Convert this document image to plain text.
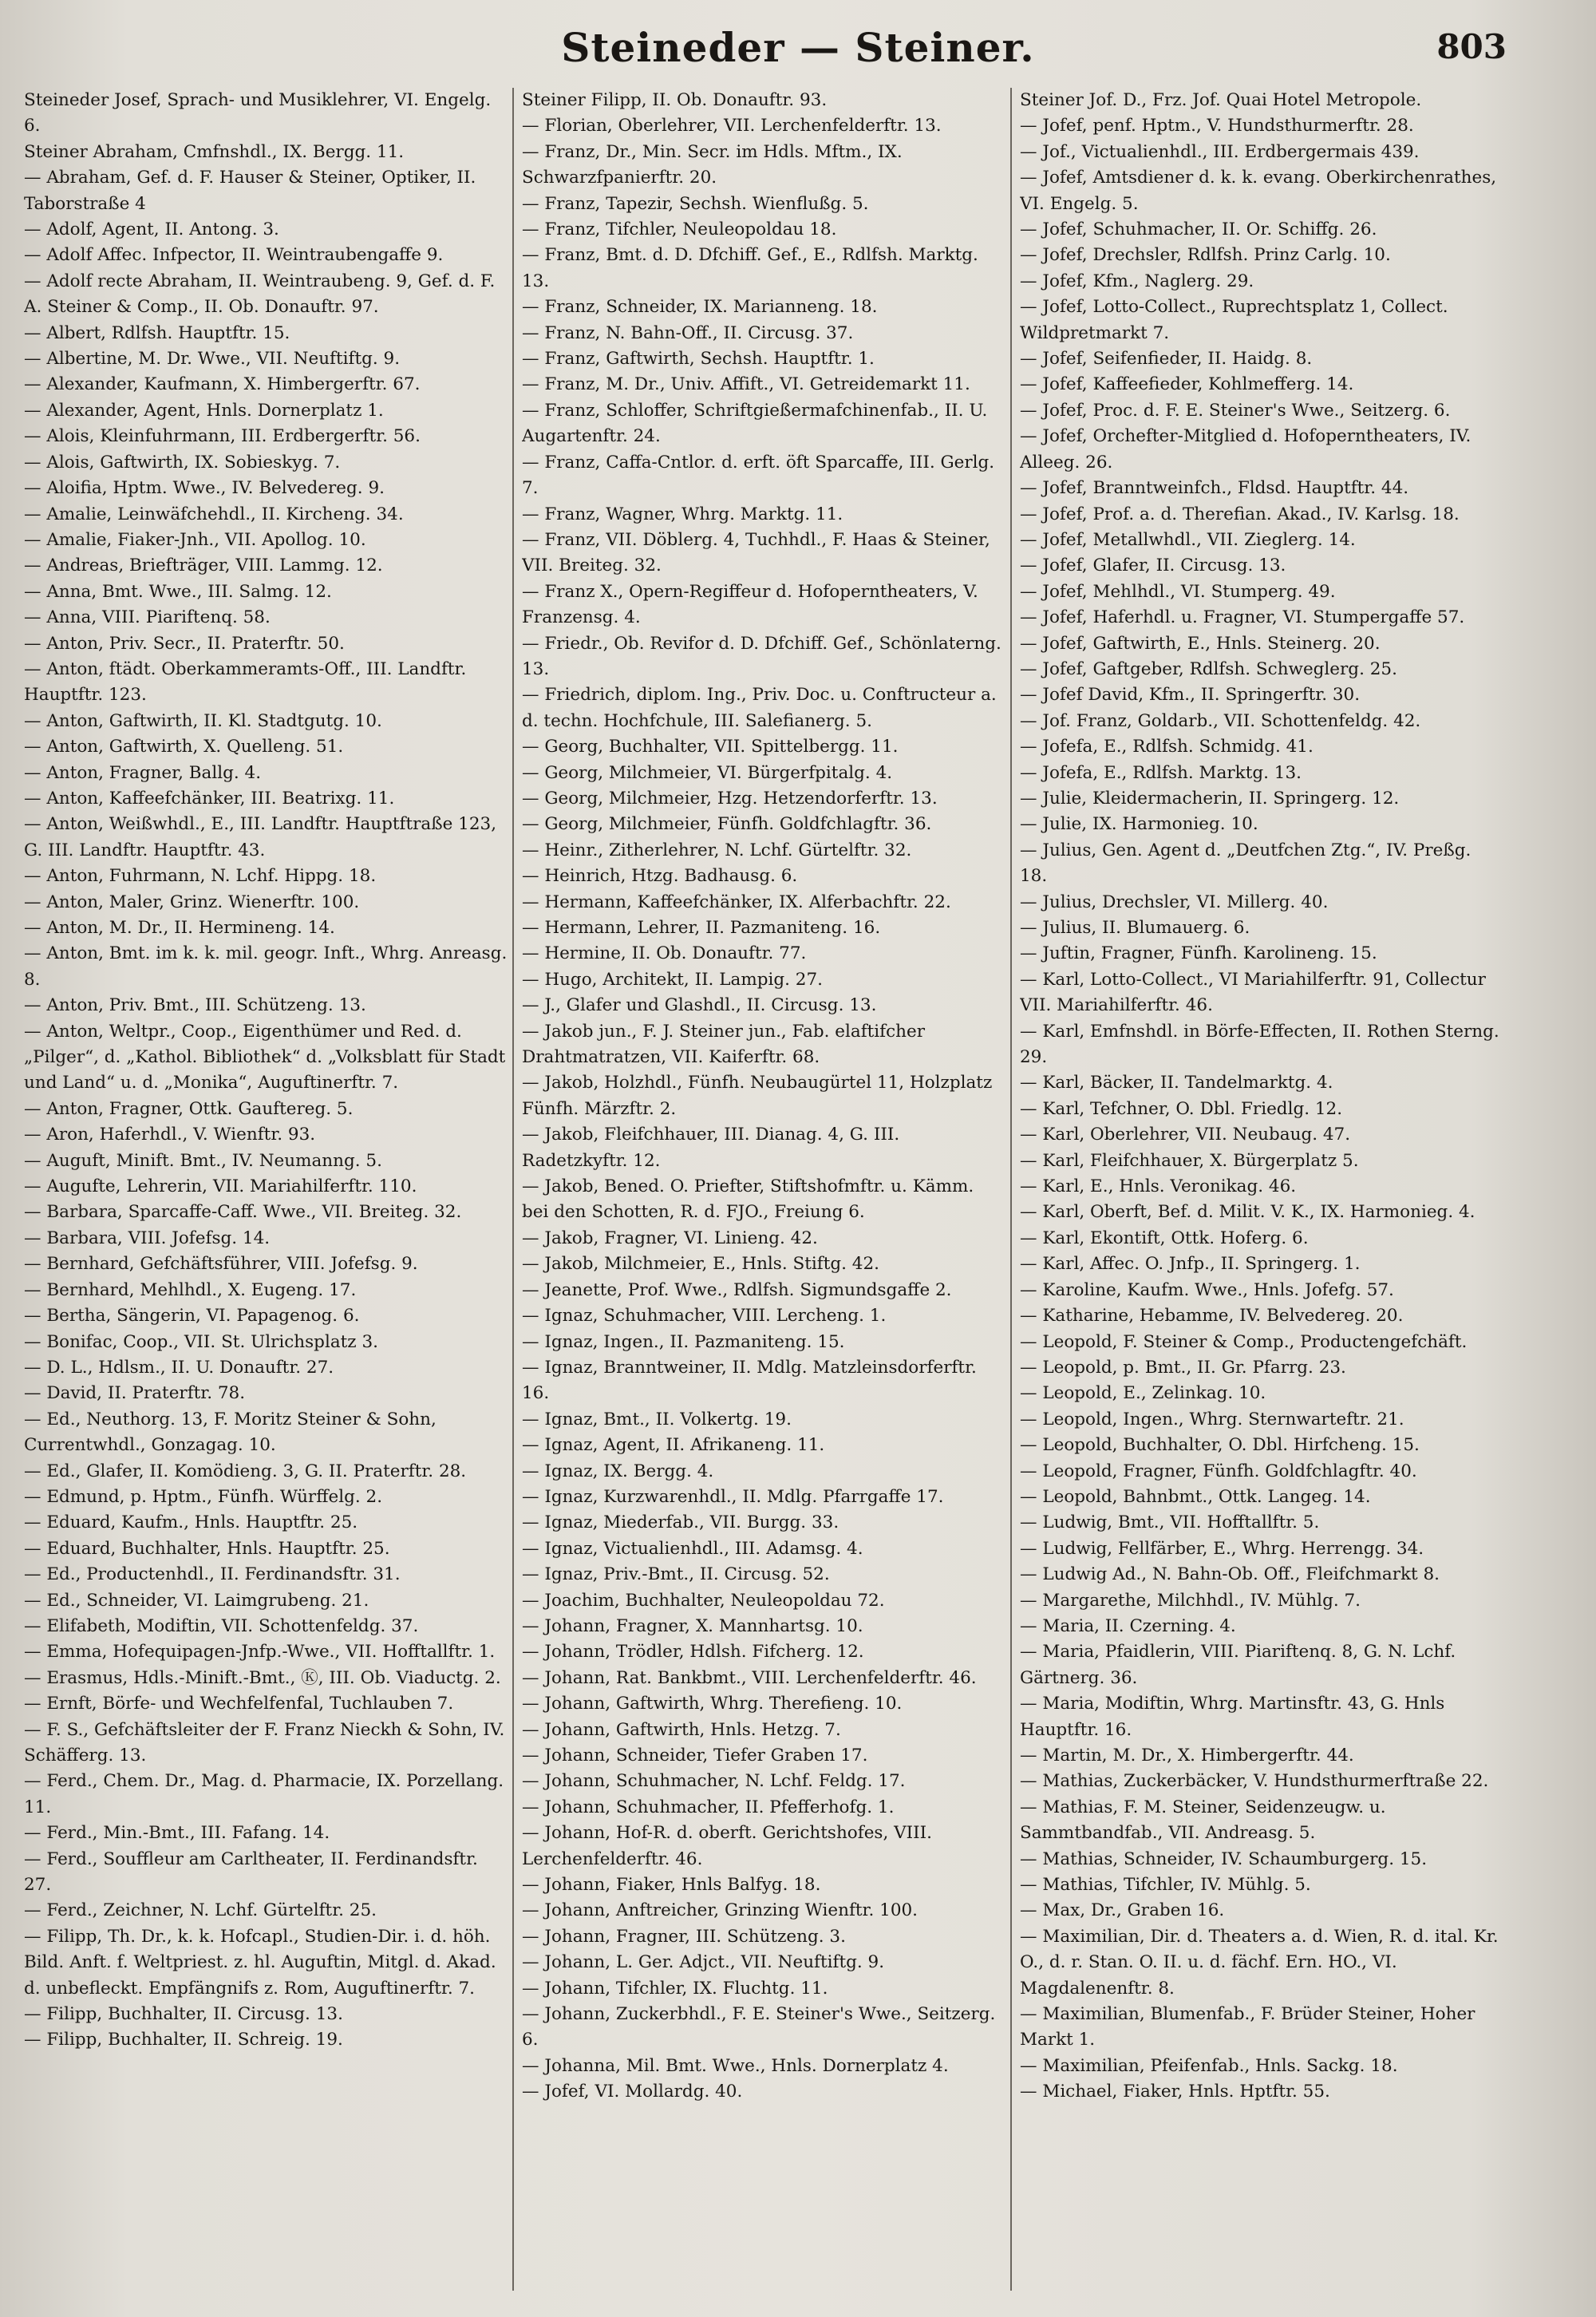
Steineder — Steiner.	803
Steineder Josef, Sprach- und Musiklehrer, VI. Engelg. 6.
Steiner Abraham, Cmfnshdl., IX. Bergg. 11.
— Abraham, Gef. d. F. Hauser & Steiner, Optiker, II. Taborstraße 4
— Adolf, Agent, II. Antong. 3.
— Adolf Affec. Infpector, II. Weintraubengaffe 9.
— Adolf recte Abraham, II. Weintraubeng. 9, Gef. d. F. A. Steiner & Comp., II. Ob. Donauftr. 97.
— Albert, Rdlfsh. Hauptftr. 15.
— Albertine, M. Dr. Wwe., VII. Neuftiftg. 9.
— Alexander, Kaufmann, X. Himbergerftr. 67.
— Alexander, Agent, Hnls. Dornerplatz 1.
— Alois, Kleinfuhrmann, III. Erdbergerftr. 56.
— Alois, Gaftwirth, IX. Sobieskyg. 7.
— Aloifia, Hptm. Wwe., IV. Belvedereg. 9.
— Amalie, Leinwäfchehdl., II. Kircheng. 34.
— Amalie, Fiaker-Jnh., VII. Apollog. 10.
— Andreas, Briefträger, VIII. Lammg. 12.
— Anna, Bmt. Wwe., III. Salmg. 12.
— Anna, VIII. Piariftenq. 58.
— Anton, Priv. Secr., II. Praterftr. 50.
— Anton, ftädt. Oberkammeramts-Off., III. Landftr. Hauptftr. 123.
— Anton, Gaftwirth, II. Kl. Stadtgutg. 10.
— Anton, Gaftwirth, X. Quelleng. 51.
— Anton, Fragner, Ballg. 4.
— Anton, Kaffeefchänker, III. Beatrixg. 11.
— Anton, Weißwhdl., E., III. Landftr. Hauptftraße 123, G. III. Landftr. Hauptftr. 43.
— Anton, Fuhrmann, N. Lchf. Hippg. 18.
— Anton, Maler, Grinz. Wienerftr. 100.
— Anton, M. Dr., II. Hermineng. 14.
— Anton, Bmt. im k. k. mil. geogr. Inft., Whrg. Anreasg. 8.
— Anton, Priv. Bmt., III. Schützeng. 13.
— Anton, Weltpr., Coop., Eigenthümer und Red. d. „Pilger“, d. „Kathol. Bibliothek“ d. „Volksblatt für Stadt und Land“ u. d. „Monika“, Auguftinerftr. 7.
— Anton, Fragner, Ottk. Gauftereg. 5.
— Aron, Haferhdl., V. Wienftr. 93.
— Auguft, Minift. Bmt., IV. Neumanng. 5.
— Augufte, Lehrerin, VII. Mariahilferftr. 110.
— Barbara, Sparcaffe-Caff. Wwe., VII. Breiteg. 32.
— Barbara, VIII. Jofefsg. 14.
— Bernhard, Gefchäftsführer, VIII. Jofefsg. 9.
— Bernhard, Mehlhdl., X. Eugeng. 17.
— Bertha, Sängerin, VI. Papagenog. 6.
— Bonifac, Coop., VII. St. Ulrichsplatz 3.
— D. L., Hdlsm., II. U. Donauftr. 27.
— David, II. Praterftr. 78.
— Ed., Neuthorg. 13, F. Moritz Steiner & Sohn, Currentwhdl., Gonzagag. 10.
— Ed., Glafer, II. Komödieng. 3, G. II. Praterftr. 28.
— Edmund, p. Hptm., Fünfh. Würffelg. 2.
— Eduard, Kaufm., Hnls. Hauptftr. 25.
— Eduard, Buchhalter, Hnls. Hauptftr. 25.
— Ed., Productenhdl., II. Ferdinandsftr. 31.
— Ed., Schneider, VI. Laimgrubeng. 21.
— Elifabeth, Modiftin, VII. Schottenfeldg. 37.
— Emma, Hofequipagen-Jnfp.-Wwe., VII. Hofftallftr. 1.
— Erasmus, Hdls.-Minift.-Bmt., Ⓚ, III. Ob. Viaductg. 2.
— Ernft, Börfe- und Wechfelfenfal, Tuchlauben 7.
— F. S., Gefchäftsleiter der F. Franz Nieckh & Sohn, IV. Schäfferg. 13.
— Ferd., Chem. Dr., Mag. d. Pharmacie, IX. Porzellang. 11.
— Ferd., Min.-Bmt., III. Fafang. 14.
— Ferd., Souffleur am Carltheater, II. Ferdinandsftr. 27.
— Ferd., Zeichner, N. Lchf. Gürtelftr. 25.
— Filipp, Th. Dr., k. k. Hofcapl., Studien-Dir. i. d. höh. Bild. Anft. f. Weltpriest. z. hl. Auguftin, Mitgl. d. Akad. d. unbefleckt. Empfängnifs z. Rom, Auguftinerftr. 7.
— Filipp, Buchhalter, II. Circusg. 13.
— Filipp, Buchhalter, II. Schreig. 19.
Steiner Filipp, II. Ob. Donauftr. 93.
— Florian, Oberlehrer, VII. Lerchenfelderftr. 13.
— Franz, Dr., Min. Secr. im Hdls. Mftm., IX. Schwarzfpanierftr. 20.
— Franz, Tapezir, Sechsh. Wienflußg. 5.
— Franz, Tifchler, Neuleopoldau 18.
— Franz, Bmt. d. D. Dfchiff. Gef., E., Rdlfsh. Marktg. 13.
— Franz, Schneider, IX. Marianneng. 18.
— Franz, N. Bahn-Off., II. Circusg. 37.
— Franz, Gaftwirth, Sechsh. Hauptftr. 1.
— Franz, M. Dr., Univ. Affift., VI. Getreidemarkt 11.
— Franz, Schloffer, Schriftgießermafchinenfab., II. U. Augartenftr. 24.
— Franz, Caffa-Cntlor. d. erft. öft Sparcaffe, III. Gerlg. 7.
— Franz, Wagner, Whrg. Marktg. 11.
— Franz, VII. Döblerg. 4, Tuchhdl., F. Haas & Steiner, VII. Breiteg. 32.
— Franz X., Opern-Regiffeur d. Hofoperntheaters, V. Franzensg. 4.
— Friedr., Ob. Revifor d. D. Dfchiff. Gef., Schönlaterng. 13.
— Friedrich, diplom. Ing., Priv. Doc. u. Conftructeur a. d. techn. Hochfchule, III. Salefianerg. 5.
— Georg, Buchhalter, VII. Spittelbergg. 11.
— Georg, Milchmeier, VI. Bürgerfpitalg. 4.
— Georg, Milchmeier, Hzg. Hetzendorferftr. 13.
— Georg, Milchmeier, Fünfh. Goldfchlagftr. 36.
— Heinr., Zitherlehrer, N. Lchf. Gürtelftr. 32.
— Heinrich, Htzg. Badhausg. 6.
— Hermann, Kaffeefchänker, IX. Alferbachftr. 22.
— Hermann, Lehrer, II. Pazmaniteng. 16.
— Hermine, II. Ob. Donauftr. 77.
— Hugo, Architekt, II. Lampig. 27.
— J., Glafer und Glashdl., II. Circusg. 13.
— Jakob jun., F. J. Steiner jun., Fab. elaftifcher Drahtmatratzen, VII. Kaiferftr. 68.
— Jakob, Holzhdl., Fünfh. Neubaugürtel 11, Holzplatz Fünfh. Märzftr. 2.
— Jakob, Fleifchhauer, III. Dianag. 4, G. III. Radetzkyftr. 12.
— Jakob, Bened. O. Priefter, Stiftshofmftr. u. Kämm. bei den Schotten, R. d. FJO., Freiung 6.
— Jakob, Fragner, VI. Linieng. 42.
— Jakob, Milchmeier, E., Hnls. Stiftg. 42.
— Jeanette, Prof. Wwe., Rdlfsh. Sigmundsgaffe 2.
— Ignaz, Schuhmacher, VIII. Lercheng. 1.
— Ignaz, Ingen., II. Pazmaniteng. 15.
— Ignaz, Branntweiner, II. Mdlg. Matzleinsdorferftr. 16.
— Ignaz, Bmt., II. Volkertg. 19.
— Ignaz, Agent, II. Afrikaneng. 11.
— Ignaz, IX. Bergg. 4.
— Ignaz, Kurzwarenhdl., II. Mdlg. Pfarrgaffe 17.
— Ignaz, Miederfab., VII. Burgg. 33.
— Ignaz, Victualienhdl., III. Adamsg. 4.
— Ignaz, Priv.-Bmt., II. Circusg. 52.
— Joachim, Buchhalter, Neuleopoldau 72.
— Johann, Fragner, X. Mannhartsg. 10.
— Johann, Trödler, Hdlsh. Fifcherg. 12.
— Johann, Rat. Bankbmt., VIII. Lerchenfelderftr. 46.
— Johann, Gaftwirth, Whrg. Therefieng. 10.
— Johann, Gaftwirth, Hnls. Hetzg. 7.
— Johann, Schneider, Tiefer Graben 17.
— Johann, Schuhmacher, N. Lchf. Feldg. 17.
— Johann, Schuhmacher, II. Pfefferhofg. 1.
— Johann, Hof-R. d. oberft. Gerichtshofes, VIII. Lerchenfelderftr. 46.
— Johann, Fiaker, Hnls Balfyg. 18.
— Johann, Anftreicher, Grinzing Wienftr. 100.
— Johann, Fragner, III. Schützeng. 3.
— Johann, L. Ger. Adjct., VII. Neuftiftg. 9.
— Johann, Tifchler, IX. Fluchtg. 11.
— Johann, Zuckerbhdl., F. E. Steiner's Wwe., Seitzerg. 6.
— Johanna, Mil. Bmt. Wwe., Hnls. Dornerplatz 4.
— Jofef, VI. Mollardg. 40.
Steiner Jof. D., Frz. Jof. Quai Hotel Metropole.
— Jofef, penf. Hptm., V. Hundsthurmerftr. 28.
— Jof., Victualienhdl., III. Erdbergermais 439.
— Jofef, Amtsdiener d. k. k. evang. Oberkirchenrathes, VI. Engelg. 5.
— Jofef, Schuhmacher, II. Or. Schiffg. 26.
— Jofef, Drechsler, Rdlfsh. Prinz Carlg. 10.
— Jofef, Kfm., Naglerg. 29.
— Jofef, Lotto-Collect., Ruprechtsplatz 1, Collect. Wildpretmarkt 7.
— Jofef, Seifenfieder, II. Haidg. 8.
— Jofef, Kaffeefieder, Kohlmefferg. 14.
— Jofef, Proc. d. F. E. Steiner's Wwe., Seitzerg. 6.
— Jofef, Orchefter-Mitglied d. Hofoperntheaters, IV. Alleeg. 26.
— Jofef, Branntweinfch., Fldsd. Hauptftr. 44.
— Jofef, Prof. a. d. Therefian. Akad., IV. Karlsg. 18.
— Jofef, Metallwhdl., VII. Zieglerg. 14.
— Jofef, Glafer, II. Circusg. 13.
— Jofef, Mehlhdl., VI. Stumperg. 49.
— Jofef, Haferhdl. u. Fragner, VI. Stumpergaffe 57.
— Jofef, Gaftwirth, E., Hnls. Steinerg. 20.
— Jofef, Gaftgeber, Rdlfsh. Schweglerg. 25.
— Jofef David, Kfm., II. Springerftr. 30.
— Jof. Franz, Goldarb., VII. Schottenfeldg. 42.
— Jofefa, E., Rdlfsh. Schmidg. 41.
— Jofefa, E., Rdlfsh. Marktg. 13.
— Julie, Kleidermacherin, II. Springerg. 12.
— Julie, IX. Harmonieg. 10.
— Julius, Gen. Agent d. „Deutfchen Ztg.“, IV. Preßg. 18.
— Julius, Drechsler, VI. Millerg. 40.
— Julius, II. Blumauerg. 6.
— Juftin, Fragner, Fünfh. Karolineng. 15.
— Karl, Lotto-Collect., VI Mariahilferftr. 91, Collectur VII. Mariahilferftr. 46.
— Karl, Emfnshdl. in Börfe-Effecten, II. Rothen Sterng. 29.
— Karl, Bäcker, II. Tandelmarktg. 4.
— Karl, Tefchner, O. Dbl. Friedlg. 12.
— Karl, Oberlehrer, VII. Neubaug. 47.
— Karl, Fleifchhauer, X. Bürgerplatz 5.
— Karl, E., Hnls. Veronikag. 46.
— Karl, Oberft, Bef. d. Milit. V. K., IX. Harmonieg. 4.
— Karl, Ekontift, Ottk. Hoferg. 6.
— Karl, Affec. O. Jnfp., II. Springerg. 1.
— Karoline, Kaufm. Wwe., Hnls. Jofefg. 57.
— Katharine, Hebamme, IV. Belvedereg. 20.
— Leopold, F. Steiner & Comp., Productengefchäft.
— Leopold, p. Bmt., II. Gr. Pfarrg. 23.
— Leopold, E., Zelinkag. 10.
— Leopold, Ingen., Whrg. Sternwarteftr. 21.
— Leopold, Buchhalter, O. Dbl. Hirfcheng. 15.
— Leopold, Fragner, Fünfh. Goldfchlagftr. 40.
— Leopold, Bahnbmt., Ottk. Langeg. 14.
— Ludwig, Bmt., VII. Hofftallftr. 5.
— Ludwig, Fellfärber, E., Whrg. Herrengg. 34.
— Ludwig Ad., N. Bahn-Ob. Off., Fleifchmarkt 8.
— Margarethe, Milchhdl., IV. Mühlg. 7.
— Maria, II. Czerning. 4.
— Maria, Pfaidlerin, VIII. Piariftenq. 8, G. N. Lchf. Gärtnerg. 36.
— Maria, Modiftin, Whrg. Martinsftr. 43, G. Hnls Hauptftr. 16.
— Martin, M. Dr., X. Himbergerftr. 44.
— Mathias, Zuckerbäcker, V. Hundsthurmerftraße 22.
— Mathias, F. M. Steiner, Seidenzeugw. u. Sammtbandfab., VII. Andreasg. 5.
— Mathias, Schneider, IV. Schaumburgerg. 15.
— Mathias, Tifchler, IV. Mühlg. 5.
— Max, Dr., Graben 16.
— Maximilian, Dir. d. Theaters a. d. Wien, R. d. ital. Kr. O., d. r. Stan. O. II. u. d. fächf. Ern. HO., VI. Magdalenenftr. 8.
— Maximilian, Blumenfab., F. Brüder Steiner, Hoher Markt 1.
— Maximilian, Pfeifenfab., Hnls. Sackg. 18.
— Michael, Fiaker, Hnls. Hptftr. 55.
